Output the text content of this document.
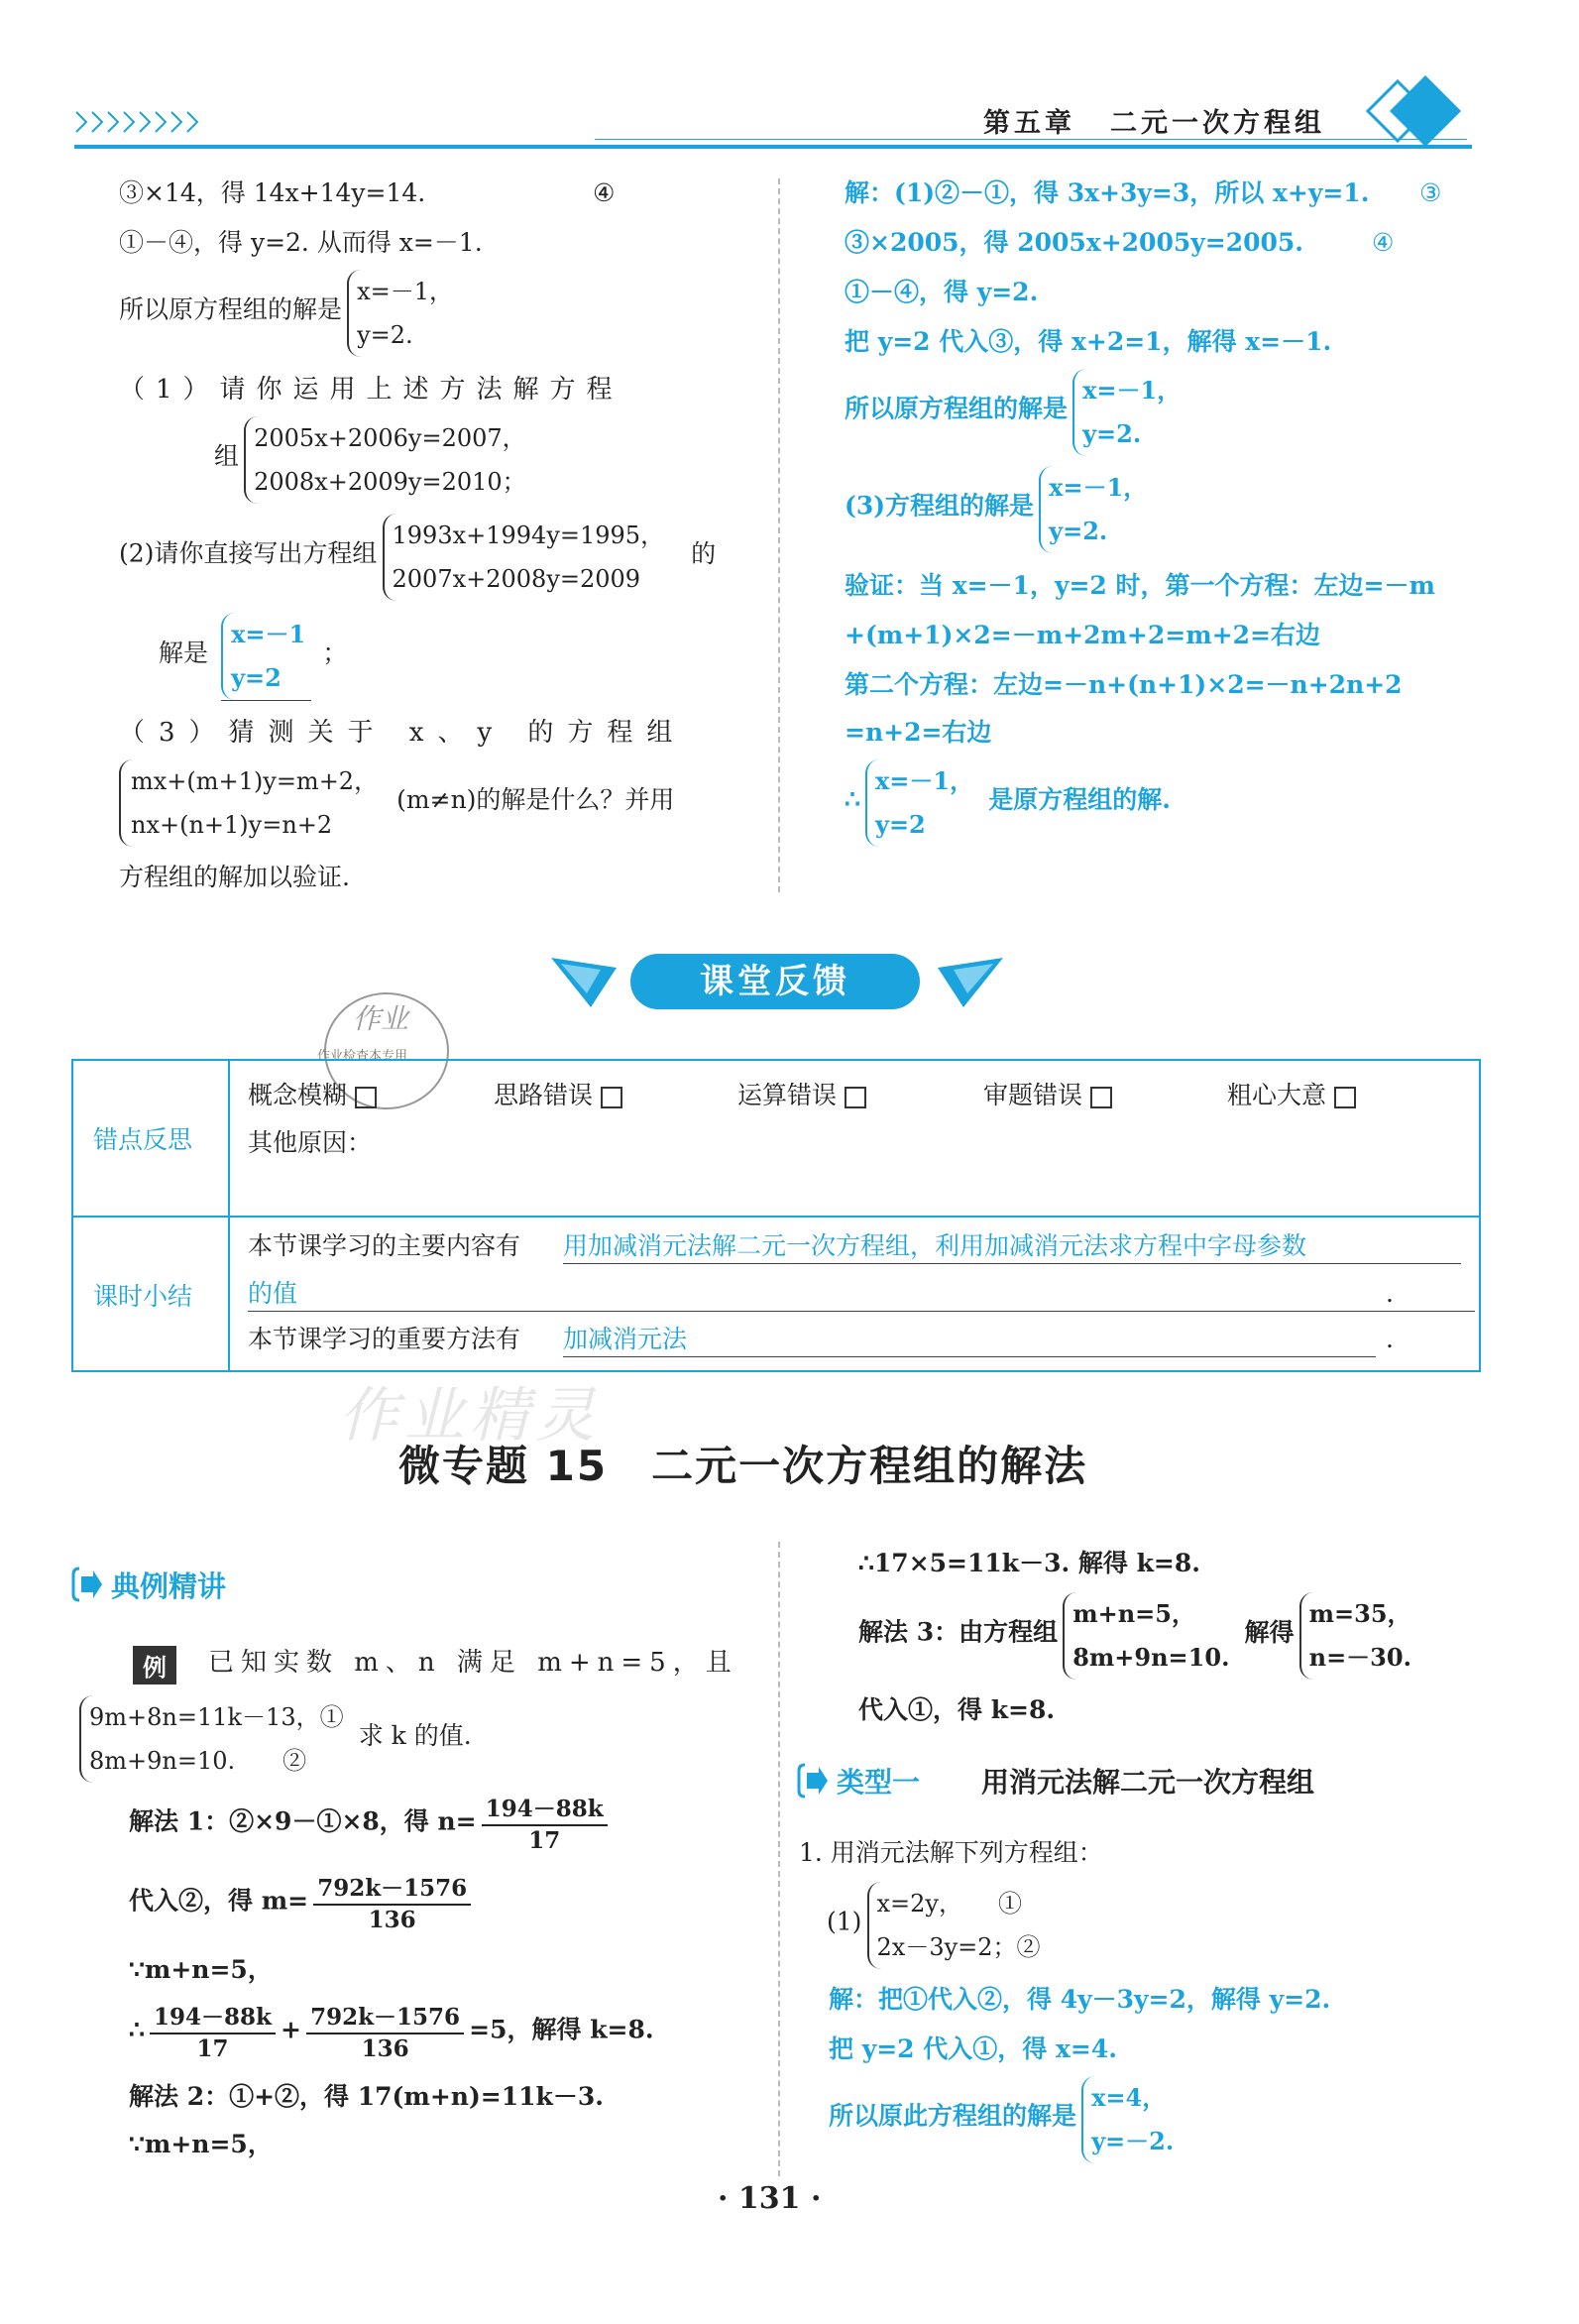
第五章 二元一次方程组
③×14，得 14x+14y=14.	④
①－④，得 y=2. 从而得 x=－1.
所以原方程组的解是
x=－1，
y=2.
（1）请你运用上述方法解方程
组
2005x+2006y=2007，
2008x+2009y=2010；
(2)请你直接写出方程组
1993x+1994y=1995，
2007x+2008y=2009
的
解是
x=－1
y=2
；
（3）猜测关于 x、y 的方程组
mx+(m+1)y=m+2，
nx+(n+1)y=n+2
(m≠n)的解是什么？并用
方程组的解加以验证.
解：(1)②－①，得 3x+3y=3，所以 x+y=1. ③
③×2005，得 2005x+2005y=2005.	④
①－④，得 y=2.
把 y=2 代入③，得 x+2=1，解得 x=－1.
所以原方程组的解是
x=－1，
y=2.
(3)方程组的解是
x=－1，
y=2.
验证：当 x=－1，y=2 时，第一个方程：左边=－m
+(m+1)×2=－m+2m+2=m+2=右边
第二个方程：左边=－n+(n+1)×2=－n+2n+2
=n+2=右边
∴
x=－1，
y=2
是原方程组的解.
课堂反馈
作业
作业检查本专用
错点反思
课时小结
概念模糊	思路错误	运算错误	审题错误	粗心大意
其他原因：
本节课学习的主要内容有 用加减消元法解二元一次方程组，利用加减消元法求方程中字母参数
的值	.
本节课学习的重要方法有 加减消元法	.
作业精灵
微专题 15　二元一次方程组的解法
典例精讲
例	已知实数 m、n 满足 m+n=5，且
9m+8n=11k－13，①
8m+9n=10.　　②
求 k 的值.
解法 1：②×9－①×8，得 $n= \frac{194-88k}{17}$
代入②，得 $m= \frac{792k-1576}{136}$
∵m+n=5，
∴ $\frac{194-88k}{17} + \frac{792k-1576}{136} =5$，解得 k=8.
解法 2：①+②，得 17(m+n)=11k－3.
∵m+n=5，
∴17×5=11k－3. 解得 k=8.
解法 3：由方程组
m+n=5，
8m+9n=10.
解得
m=35，
n=－30.
代入①，得 k=8.
类型一 用消元法解二元一次方程组
1. 用消元法解下列方程组：
(1)
x=2y，　　①
2x－3y=2；②
解：把①代入②，得 4y－3y=2，解得 y=2.
把 y=2 代入①，得 x=4.
所以原此方程组的解是
x=4，
y=－2.
· 131 ·
